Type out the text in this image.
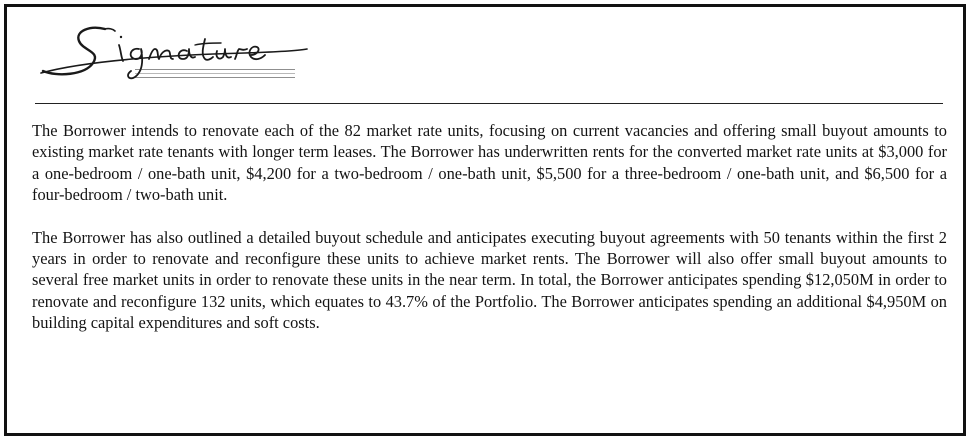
The Borrower intends to renovate each of the 82 market rate units, focusing on current vacancies and offering small buyout amounts to existing market rate tenants with longer term leases. The Borrower has underwritten rents for the converted market rate units at $3,000 for a one-bedroom / one-bath unit, $4,200 for a two-bedroom / one-bath unit, $5,500 for a three-bedroom / one-bath unit, and $6,500 for a four-bedroom / two-bath unit.

The Borrower has also outlined a detailed buyout schedule and anticipates executing buyout agreements with 50 tenants within the first 2 years in order to renovate and reconfigure these units to achieve market rents. The Borrower will also offer small buyout amounts to several free market units in order to renovate these units in the near term. In total, the Borrower anticipates spending $12,050M in order to renovate and reconfigure 132 units, which equates to 43.7% of the Portfolio. The Borrower anticipates spending an additional $4,950M on building capital expenditures and soft costs.
